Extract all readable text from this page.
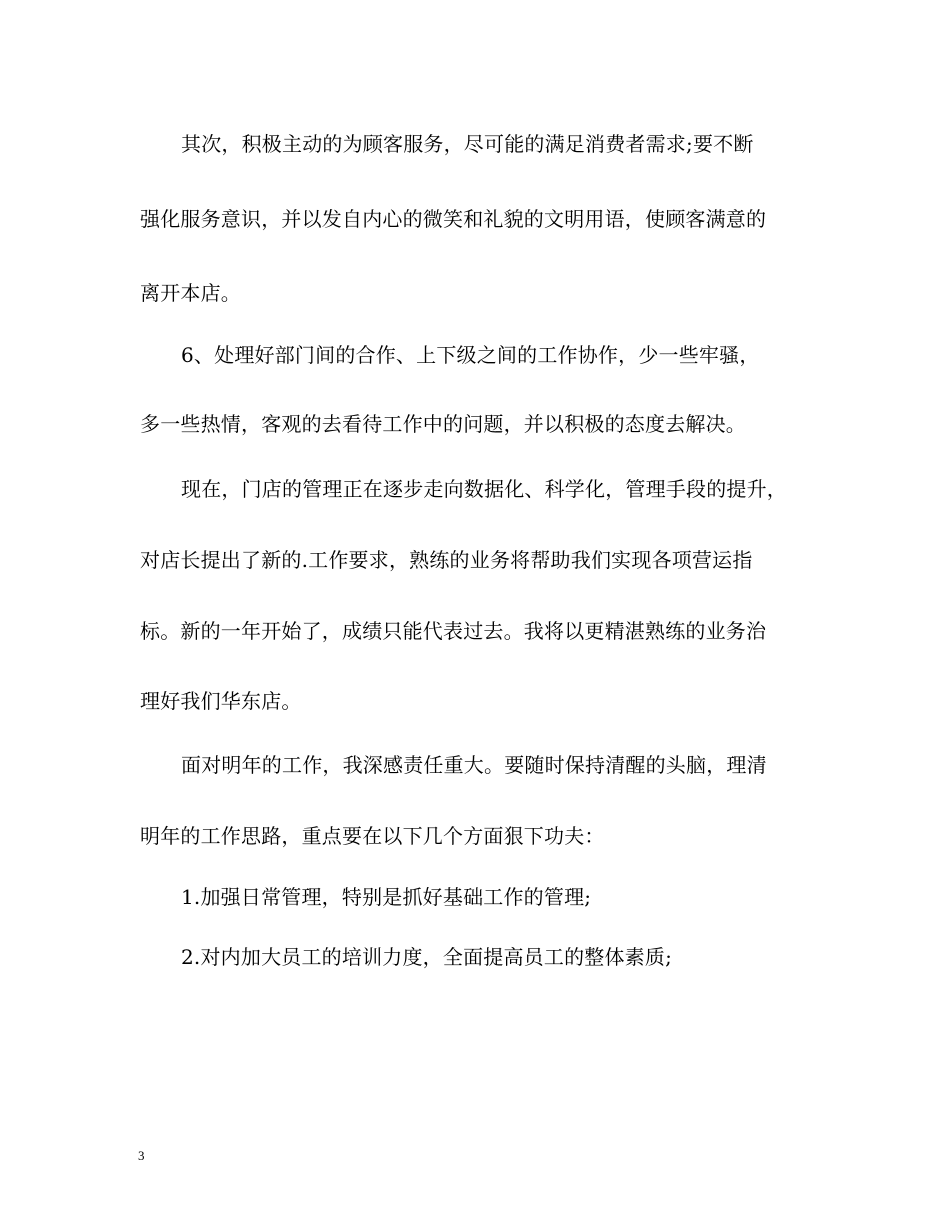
其次，积极主动的为顾客服务，尽可能的满足消费者需求;要不断
强化服务意识，并以发自内心的微笑和礼貌的文明用语，使顾客满意的
离开本店。
6、处理好部门间的合作、上下级之间的工作协作，少一些牢骚，
多一些热情，客观的去看待工作中的问题，并以积极的态度去解决。
现在，门店的管理正在逐步走向数据化、科学化，管理手段的提升，
对店长提出了新的.工作要求，熟练的业务将帮助我们实现各项营运指
标。新的一年开始了，成绩只能代表过去。我将以更精湛熟练的业务治
理好我们华东店。
面对明年的工作，我深感责任重大。要随时保持清醒的头脑，理清
明年的工作思路，重点要在以下几个方面狠下功夫：
1.加强日常管理，特别是抓好基础工作的管理;
2.对内加大员工的培训力度，全面提高员工的整体素质;
3
